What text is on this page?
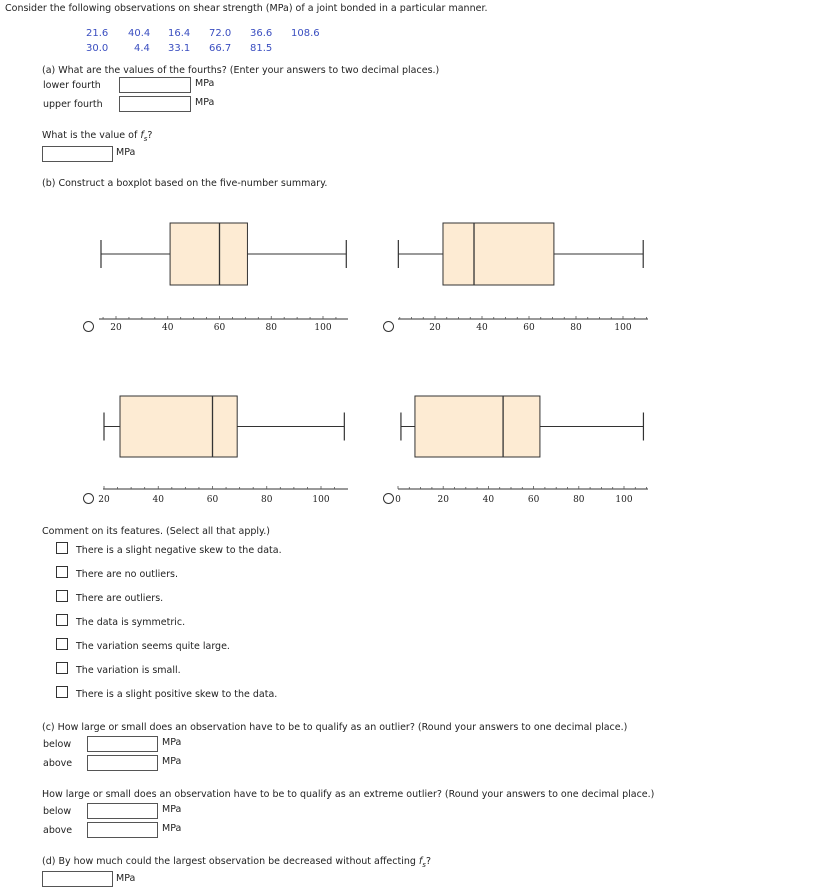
Consider the following observations on shear strength (MPa) of a joint bonded in a particular manner.
21.6 40.4 16.4 72.0 36.6 108.6
30.0	4.4 33.1 66.7 81.5
(a) What are the values of the fourths? (Enter your answers to two decimal places.)
lower fourth	MPa
upper fourth	MPa
What is the value of $f_s$?
MPa
(b) Construct a boxplot based on the five-number summary.
20	40	60	80	100	20	40	60	80	100
20	40	60	80	100	0	20	40	60	80	100
Comment on its features. (Select all that apply.)
There is a slight negative skew to the data.
There are no outliers.
There are outliers.
The data is symmetric.
The variation seems quite large.
The variation is small.
There is a slight positive skew to the data.
(c) How large or small does an observation have to be to qualify as an outlier? (Round your answers to one decimal place.)
below	MPa
above	MPa
How large or small does an observation have to be to qualify as an extreme outlier? (Round your answers to one decimal place.)
below	MPa
above	MPa
(d) By how much could the largest observation be decreased without affecting $f_s$?
MPa
